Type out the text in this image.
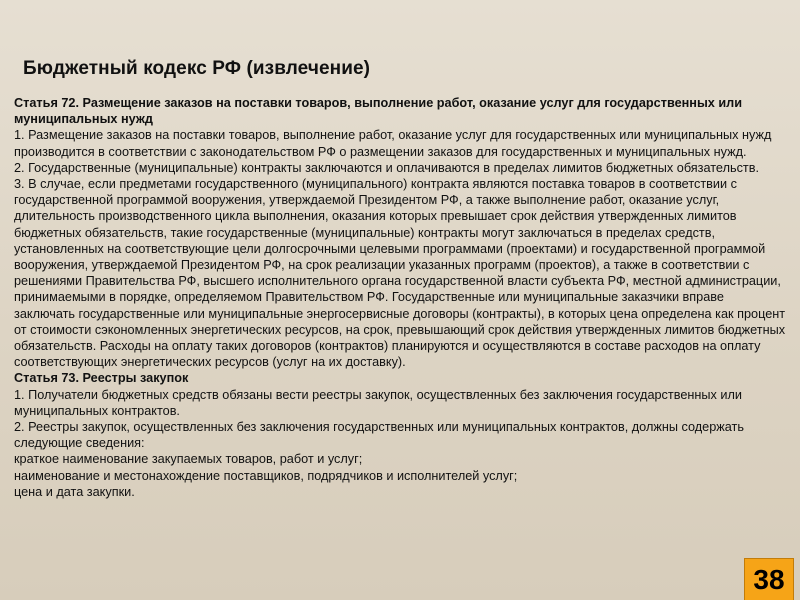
Бюджетный кодекс РФ (извлечение)

Статья 72. Размещение заказов на поставки товаров, выполнение работ, оказание услуг для государственных или муниципальных нужд

1. Размещение заказов на поставки товаров, выполнение работ, оказание услуг для государственных или муниципальных нужд производится в соответствии с законодательством РФ о размещении заказов для государственных и муниципальных нужд.

2. Государственные (муниципальные) контракты заключаются и оплачиваются в пределах лимитов бюджетных обязательств.

3. В случае, если предметами государственного (муниципального) контракта являются поставка товаров в соответствии с государственной программой вооружения, утверждаемой Президентом РФ, а также выполнение работ, оказание услуг, длительность производственного цикла выполнения, оказания которых превышает срок действия утвержденных лимитов бюджетных обязательств, такие государственные (муниципальные) контракты могут заключаться в пределах средств, установленных на соответствующие цели долгосрочными целевыми программами (проектами) и государственной программой вооружения, утверждаемой Президентом РФ, на срок реализации указанных программ (проектов), а также в соответствии с решениями Правительства РФ, высшего исполнительного органа государственной власти субъекта РФ, местной администрации, принимаемыми в порядке, определяемом Правительством РФ. Государственные или муниципальные заказчики вправе заключать государственные или муниципальные энергосервисные договоры (контракты), в которых цена определена как процент от стоимости сэкономленных энергетических ресурсов, на срок, превышающий срок действия утвержденных лимитов бюджетных обязательств. Расходы на оплату таких договоров (контрактов) планируются и осуществляются в составе расходов на оплату соответствующих энергетических ресурсов (услуг на их доставку).

Статья 73. Реестры закупок

1. Получатели бюджетных средств обязаны вести реестры закупок, осуществленных без заключения государственных или муниципальных контрактов.

2. Реестры закупок, осуществленных без заключения государственных или муниципальных контрактов, должны содержать следующие сведения:

краткое наименование закупаемых товаров, работ и услуг;

наименование и местонахождение поставщиков, подрядчиков и исполнителей услуг;

цена и дата закупки.

38
